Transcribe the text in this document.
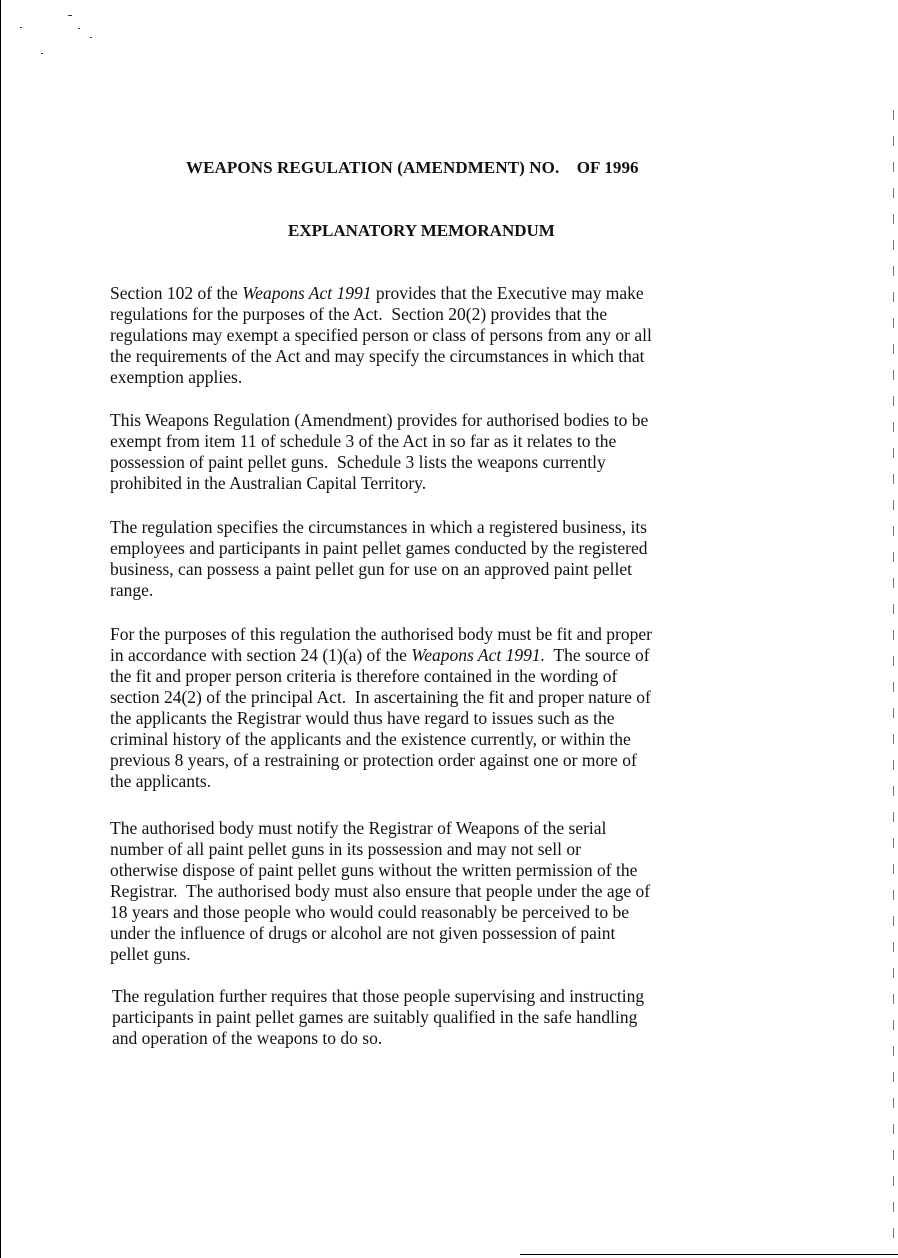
WEAPONS REGULATION (AMENDMENT) NO.    OF 1996
EXPLANATORY MEMORANDUM

Section 102 of the Weapons Act 1991 provides that the Executive may make
regulations for the purposes of the Act.  Section 20(2) provides that the
regulations may exempt a specified person or class of persons from any or all
the requirements of the Act and may specify the circumstances in which that
exemption applies.

This Weapons Regulation (Amendment) provides for authorised bodies to be
exempt from item 11 of schedule 3 of the Act in so far as it relates to the
possession of paint pellet guns.  Schedule 3 lists the weapons currently
prohibited in the Australian Capital Territory.

The regulation specifies the circumstances in which a registered business, its
employees and participants in paint pellet games conducted by the registered
business, can possess a paint pellet gun for use on an approved paint pellet
range.

For the purposes of this regulation the authorised body must be fit and proper
in accordance with section 24 (1)(a) of the Weapons Act 1991.  The source of
the fit and proper person criteria is therefore contained in the wording of
section 24(2) of the principal Act.  In ascertaining the fit and proper nature of
the applicants the Registrar would thus have regard to issues such as the
criminal history of the applicants and the existence currently, or within the
previous 8 years, of a restraining or protection order against one or more of
the applicants.

The authorised body must notify the Registrar of Weapons of the serial
number of all paint pellet guns in its possession and may not sell or
otherwise dispose of paint pellet guns without the written permission of the
Registrar.  The authorised body must also ensure that people under the age of
18 years and those people who would could reasonably be perceived to be
under the influence of drugs or alcohol are not given possession of paint
pellet guns.

The regulation further requires that those people supervising and instructing
participants in paint pellet games are suitably qualified in the safe handling
and operation of the weapons to do so.
